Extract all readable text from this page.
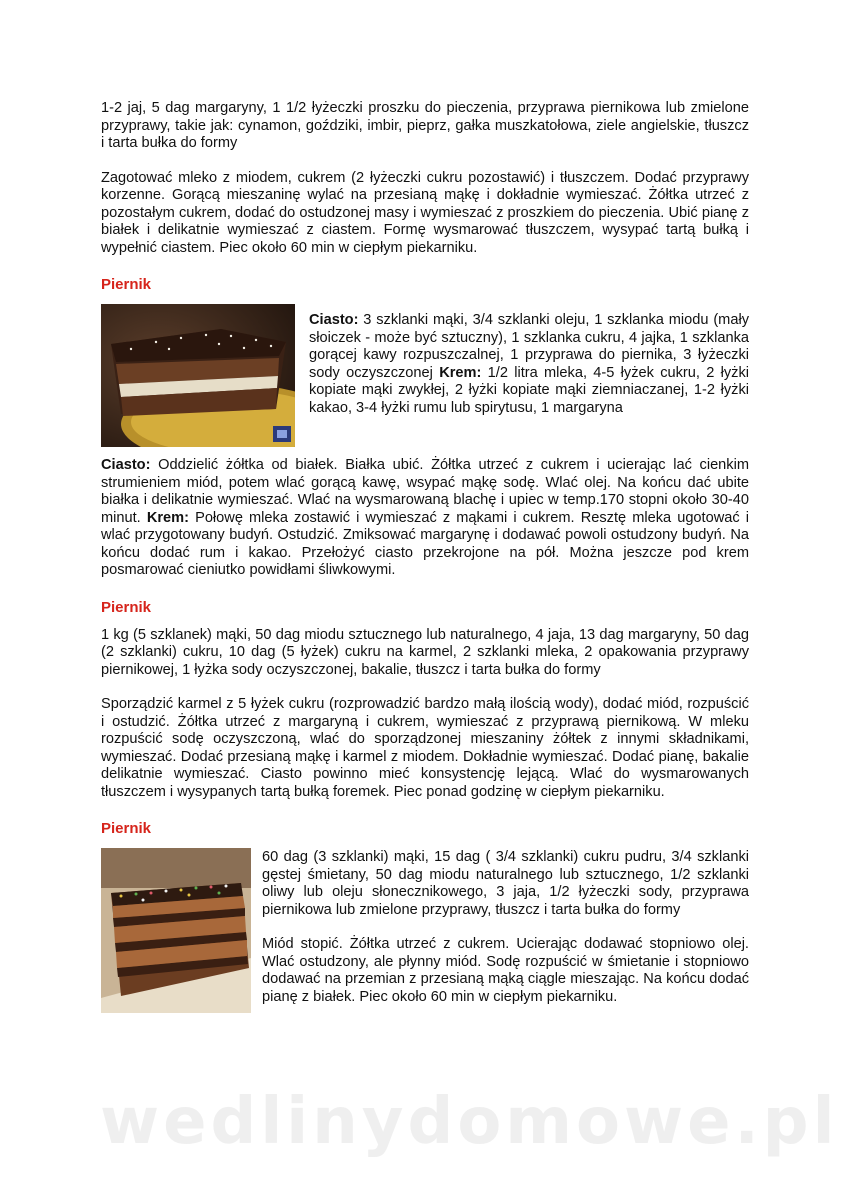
1-2 jaj, 5 dag margaryny, 1 1/2 łyżeczki proszku do pieczenia, przyprawa piernikowa lub zmielone przyprawy, takie jak: cynamon, goździki, imbir, pieprz, gałka muszkatołowa, ziele angielskie, tłuszcz i tarta bułka do formy

Zagotować mleko z miodem, cukrem (2 łyżeczki cukru pozostawić) i tłuszczem. Dodać przyprawy korzenne. Gorącą mieszaninę wylać na przesianą mąkę i dokładnie wymieszać. Żółtka utrzeć z pozostałym cukrem, dodać do ostudzonej masy i wymieszać z proszkiem do pieczenia. Ubić pianę z białek i delikatnie wymieszać z ciastem. Formę wysmarować tłuszczem, wysypać tartą bułką i wypełnić ciastem. Piec około 60 min w ciepłym piekarniku.

Piernik

Ciasto: 3 szklanki mąki, 3/4 szklanki oleju, 1 szklanka miodu (mały słoiczek - może być sztuczny), 1 szklanka cukru, 4 jajka, 1 szklanka gorącej kawy rozpuszczalnej, 1 przyprawa do piernika, 3 łyżeczki sody oczyszczonej Krem: 1/2 litra mleka, 4-5 łyżek cukru, 2 łyżki kopiate mąki zwykłej, 2 łyżki kopiate mąki ziemniaczanej, 1-2 łyżki kakao, 3-4 łyżki rumu lub spirytusu, 1 margaryna

Ciasto: Oddzielić żółtka od białek. Białka ubić. Żółtka utrzeć z cukrem i ucierając lać cienkim strumieniem miód, potem wlać gorącą kawę, wsypać mąkę sodę. Wlać olej. Na końcu dać ubite białka i delikatnie wymieszać. Wlać na wysmarowaną blachę i upiec w temp.170 stopni około 30-40 minut. Krem: Połowę mleka zostawić i wymieszać z mąkami i cukrem. Resztę mleka ugotować i wlać przygotowany budyń. Ostudzić. Zmiksować margarynę i dodawać powoli ostudzony budyń. Na końcu dodać rum i kakao. Przełożyć ciasto przekrojone na pół. Można jeszcze pod krem posmarować cieniutko powidłami śliwkowymi.

Piernik

1 kg (5 szklanek) mąki, 50 dag miodu sztucznego lub naturalnego, 4 jaja, 13 dag margaryny, 50 dag (2 szklanki) cukru, 10 dag (5 łyżek) cukru na karmel, 2 szklanki mleka, 2 opakowania przyprawy piernikowej, 1 łyżka sody oczyszczonej, bakalie, tłuszcz i tarta bułka do formy

Sporządzić karmel z 5 łyżek cukru (rozprowadzić bardzo małą ilością wody), dodać miód, rozpuścić i ostudzić. Żółtka utrzeć z margaryną i cukrem, wymieszać z przyprawą piernikową. W mleku rozpuścić sodę oczyszczoną, wlać do sporządzonej mieszaniny żółtek z innymi składnikami, wymieszać. Dodać przesianą mąkę i karmel z miodem. Dokładnie wymieszać. Dodać pianę, bakalie delikatnie wymieszać. Ciasto powinno mieć konsystencję lejącą. Wlać do wysmarowanych tłuszczem i wysypanych tartą bułką foremek. Piec ponad godzinę w ciepłym piekarniku.

Piernik

60 dag (3 szklanki) mąki, 15 dag ( 3/4 szklanki) cukru pudru, 3/4 szklanki gęstej śmietany, 50 dag miodu naturalnego lub sztucznego, 1/2 szklanki oliwy lub oleju słonecznikowego, 3 jaja, 1/2 łyżeczki sody, przyprawa piernikowa lub zmielone przyprawy, tłuszcz i tarta bułka do formy

Miód stopić. Żółtka utrzeć z cukrem. Ucierając dodawać stopniowo olej. Wlać ostudzony, ale płynny miód. Sodę rozpuścić w śmietanie i stopniowo dodawać na przemian z przesianą mąką ciągle mieszając. Na końcu dodać pianę z białek. Piec około 60 min w ciepłym piekarniku.

wedlinydomowe.pl
